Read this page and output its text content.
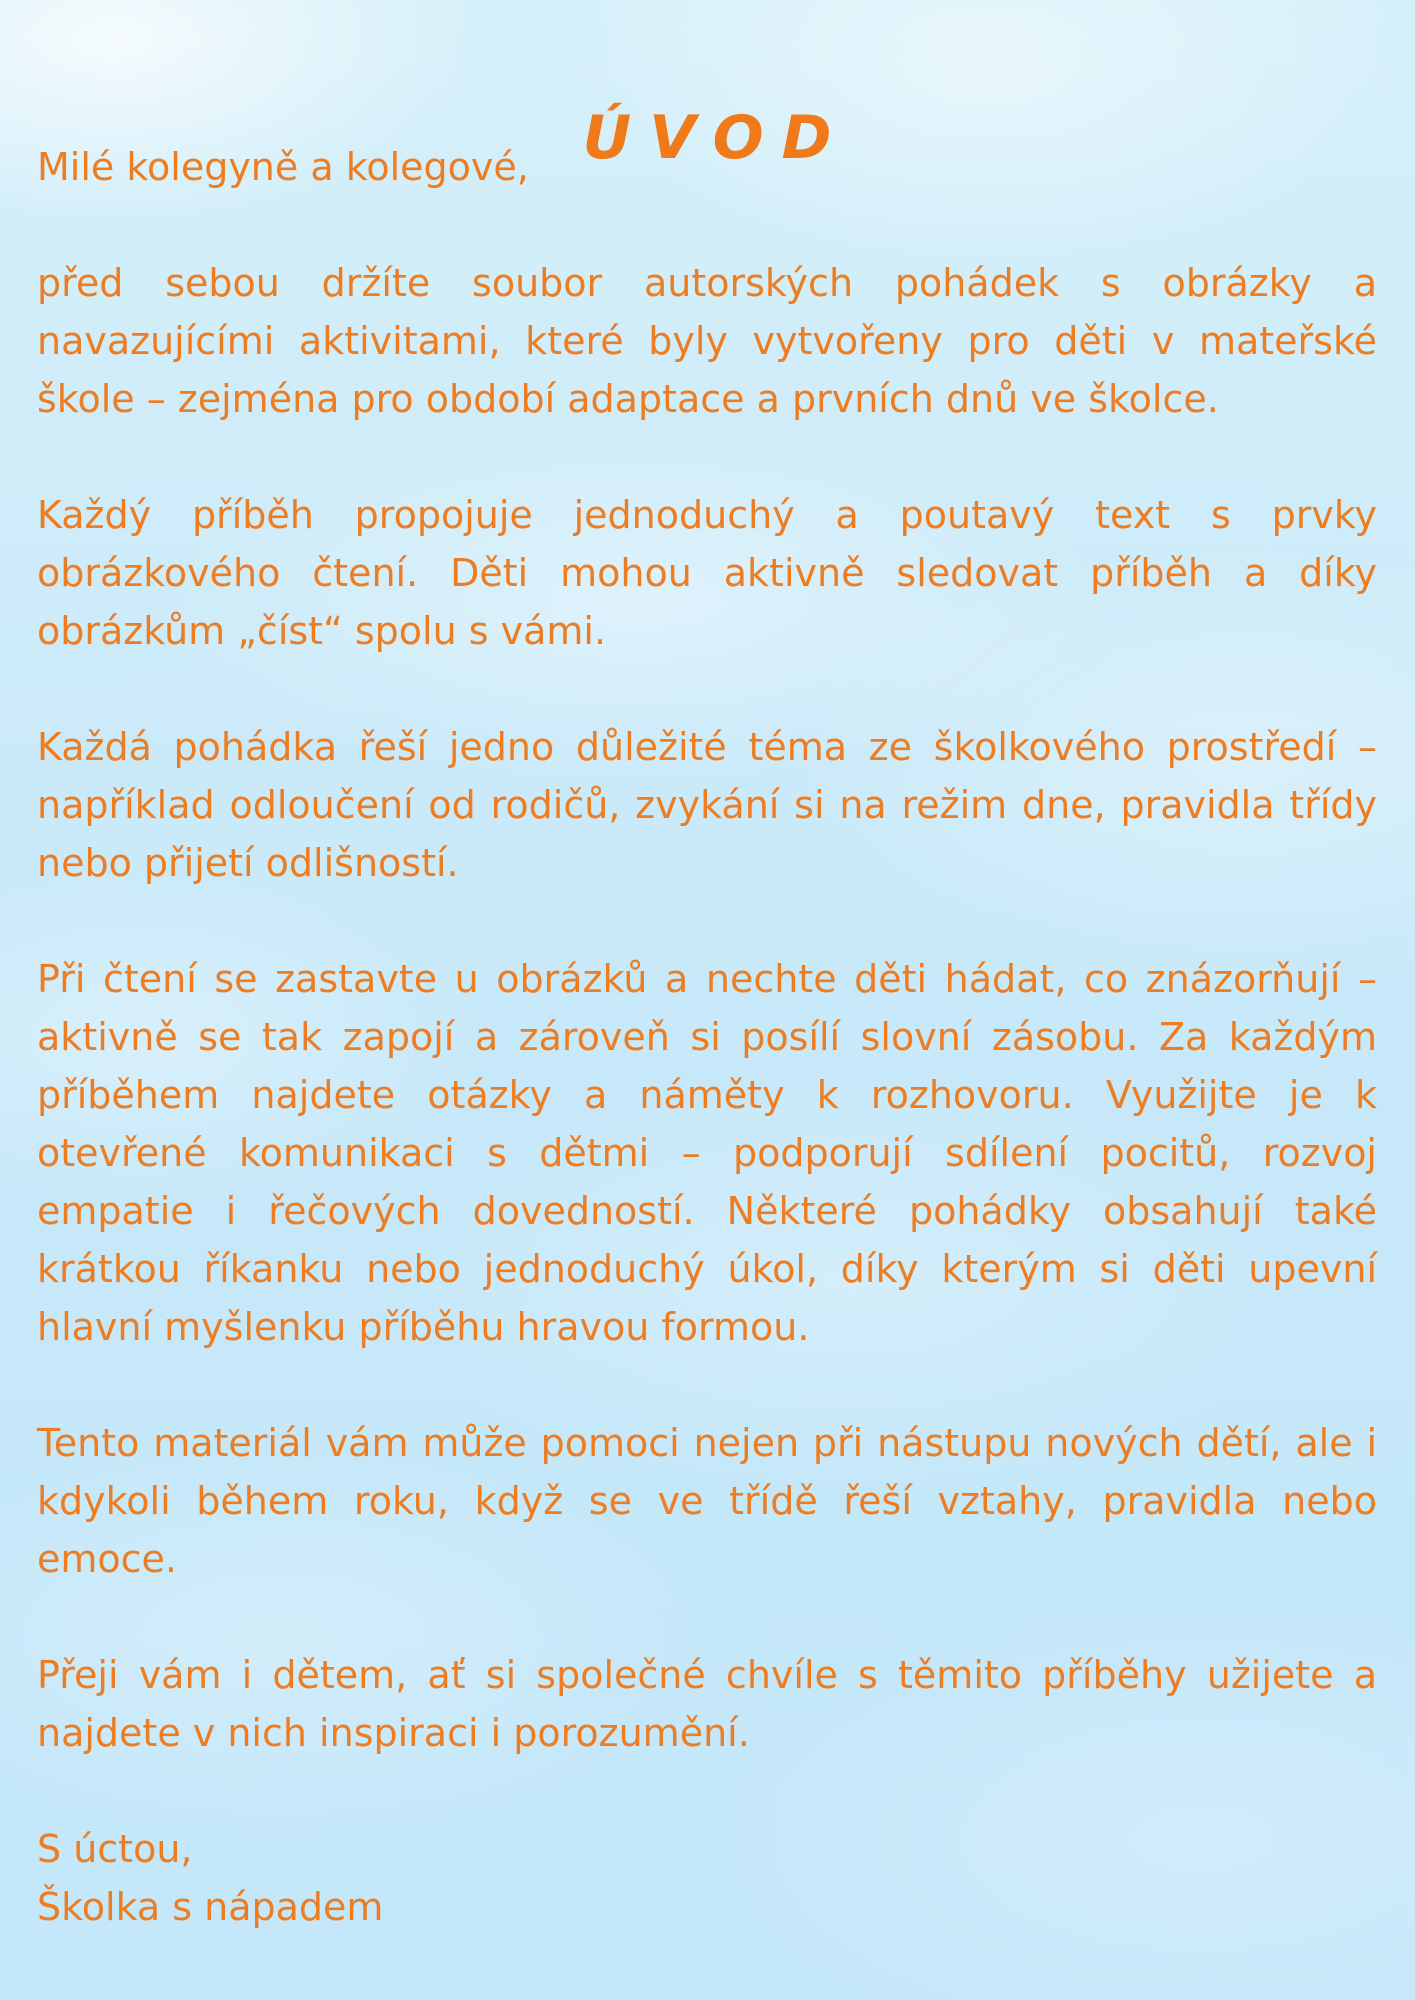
ÚVOD

Milé kolegyně a kolegové,

před sebou držíte soubor autorských pohádek s obrázky a navazujícími aktivitami, které byly vytvořeny pro děti v mateřské škole – zejména pro období adaptace a prvních dnů ve školce.

Každý příběh propojuje jednoduchý a poutavý text s prvky obrázkového čtení. Děti mohou aktivně sledovat příběh a díky obrázkům „číst“ spolu s vámi.

Každá pohádka řeší jedno důležité téma ze školkového prostředí – například odloučení od rodičů, zvykání si na režim dne, pravidla třídy nebo přijetí odlišností.

Při čtení se zastavte u obrázků a nechte děti hádat, co znázorňují – aktivně se tak zapojí a zároveň si posílí slovní zásobu. Za každým příběhem najdete otázky a náměty k rozhovoru. Využijte je k otevřené komunikaci s dětmi – podporují sdílení pocitů, rozvoj empatie i řečových dovedností. Některé pohádky obsahují také krátkou říkanku nebo jednoduchý úkol, díky kterým si děti upevní hlavní myšlenku příběhu hravou formou.

Tento materiál vám může pomoci nejen při nástupu nových dětí, ale i kdykoli během roku, když se ve třídě řeší vztahy, pravidla nebo emoce.

Přeji vám i dětem, ať si společné chvíle s těmito příběhy užijete a najdete v nich inspiraci i porozumění.

S úctou,

Školka s nápadem
